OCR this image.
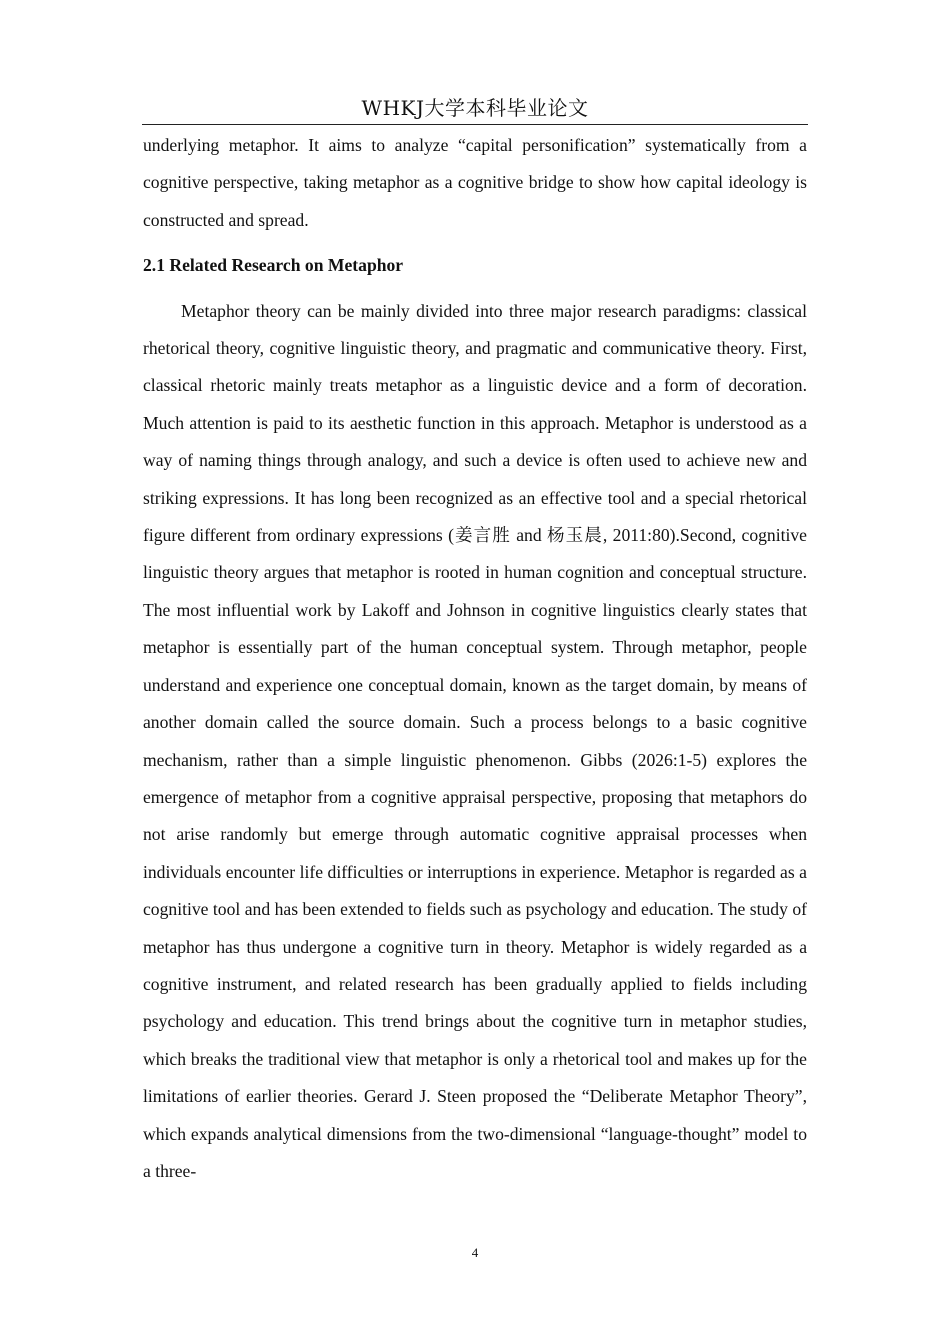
WHKJ大学本科毕业论文

underlying metaphor. It aims to analyze “capital personification” systematically from a cognitive perspective, taking metaphor as a cognitive bridge to show how capital ideology is constructed and spread.

2.1 Related Research on Metaphor

Metaphor theory can be mainly divided into three major research paradigms: classical rhetorical theory, cognitive linguistic theory, and pragmatic and communicative theory. First, classical rhetoric mainly treats metaphor as a linguistic device and a form of decoration. Much attention is paid to its aesthetic function in this approach. Metaphor is understood as a way of naming things through analogy, and such a device is often used to achieve new and striking expressions. It has long been recognized as an effective tool and a special rhetorical figure different from ordinary expressions (姜言胜 and 杨玉晨, 2011:80).Second, cognitive linguistic theory argues that metaphor is rooted in human cognition and conceptual structure. The most influential work by Lakoff and Johnson in cognitive linguistics clearly states that metaphor is essentially part of the human conceptual system. Through metaphor, people understand and experience one conceptual domain, known as the target domain, by means of another domain called the source domain. Such a process belongs to a basic cognitive mechanism, rather than a simple linguistic phenomenon. Gibbs (2026:1-5) explores the emergence of metaphor from a cognitive appraisal perspective, proposing that metaphors do not arise randomly but emerge through automatic cognitive appraisal processes when individuals encounter life difficulties or interruptions in experience. Metaphor is regarded as a cognitive tool and has been extended to fields such as psychology and education. The study of metaphor has thus undergone a cognitive turn in theory. Metaphor is widely regarded as a cognitive instrument, and related research has been gradually applied to fields including psychology and education. This trend brings about the cognitive turn in metaphor studies, which breaks the traditional view that metaphor is only a rhetorical tool and makes up for the limitations of earlier theories. Gerard J. Steen proposed the “Deliberate Metaphor Theory”, which expands analytical dimensions from the two-dimensional “language-thought” model to a three-

4
